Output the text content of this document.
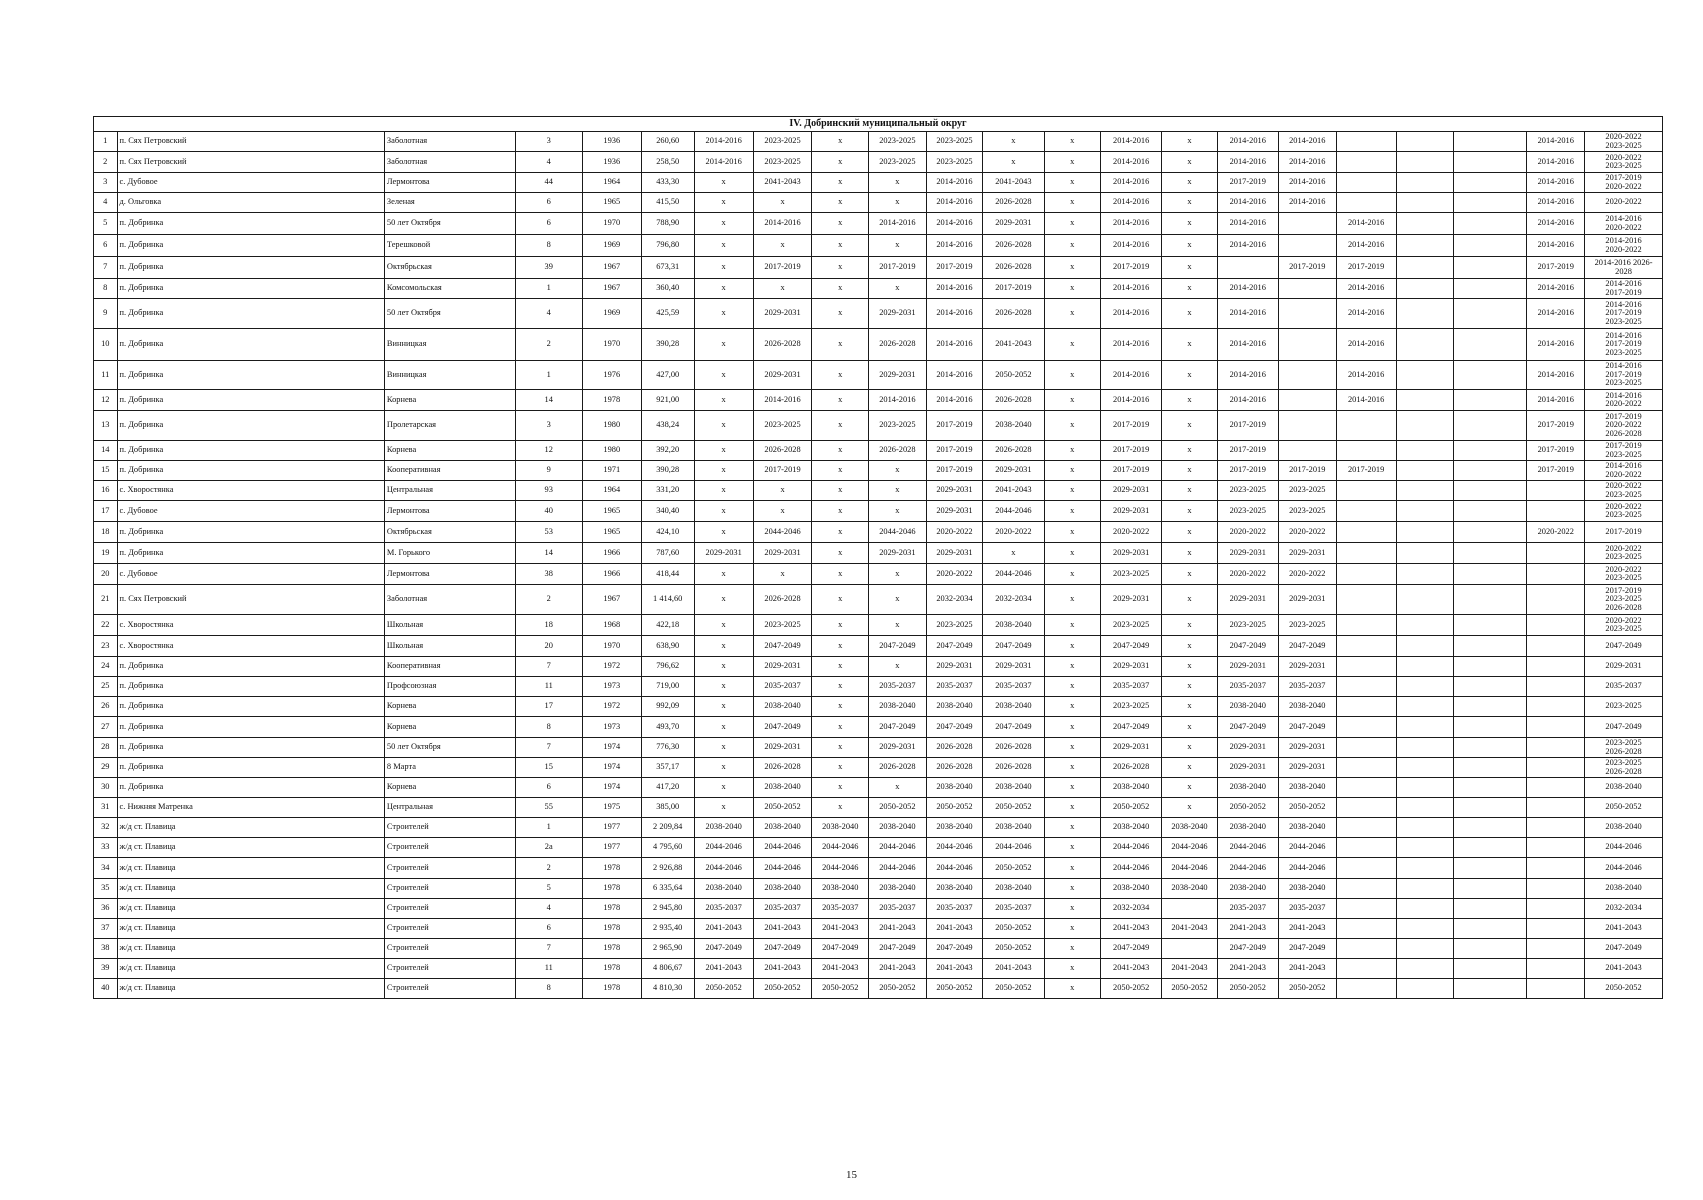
IV. Добринский муниципальный округ																					
1	п. Сях Петровский	Заболотная	3	1936	260,60	2014-2016	2023-2025	x	2023-2025	2023-2025	x	x	2014-2016	x	2014-2016	2014-2016				2014-2016	2020-2022
2023-2025
2	п. Сях Петровский	Заболотная	4	1936	258,50	2014-2016	2023-2025	x	2023-2025	2023-2025	x	x	2014-2016	x	2014-2016	2014-2016				2014-2016	2020-2022
2023-2025
3	с. Дубовое	Лермонтова	44	1964	433,30	x	2041-2043	x	x	2014-2016	2041-2043	x	2014-2016	x	2017-2019	2014-2016				2014-2016	2017-2019
2020-2022
4	д. Ольговка	Зеленая	6	1965	415,50	x	x	x	x	2014-2016	2026-2028	x	2014-2016	x	2014-2016	2014-2016				2014-2016	2020-2022
5	п. Добринка	50 лет Октября	6	1970	788,90	x	2014-2016	x	2014-2016	2014-2016	2029-2031	x	2014-2016	x	2014-2016		2014-2016			2014-2016	2014-2016
2020-2022
6	п. Добринка	Терешковой	8	1969	796,80	x	x	x	x	2014-2016	2026-2028	x	2014-2016	x	2014-2016		2014-2016			2014-2016	2014-2016
2020-2022
7	п. Добринка	Октябрьская	39	1967	673,31	x	2017-2019	x	2017-2019	2017-2019	2026-2028	x	2017-2019	x		2017-2019	2017-2019			2017-2019	2014-2016 2026-
2028
8	п. Добринка	Комсомольская	1	1967	360,40	x	x	x	x	2014-2016	2017-2019	x	2014-2016	x	2014-2016		2014-2016			2014-2016	2014-2016
2017-2019
9	п. Добринка	50 лет Октября	4	1969	425,59	x	2029-2031	x	2029-2031	2014-2016	2026-2028	x	2014-2016	x	2014-2016		2014-2016			2014-2016	2014-2016
2017-2019
2023-2025
10	п. Добринка	Винницкая	2	1970	390,28	x	2026-2028	x	2026-2028	2014-2016	2041-2043	x	2014-2016	x	2014-2016		2014-2016			2014-2016	2014-2016
2017-2019
2023-2025
11	п. Добринка	Винницкая	1	1976	427,00	x	2029-2031	x	2029-2031	2014-2016	2050-2052	x	2014-2016	x	2014-2016		2014-2016			2014-2016	2014-2016
2017-2019
2023-2025
12	п. Добринка	Корнева	14	1978	921,00	x	2014-2016	x	2014-2016	2014-2016	2026-2028	x	2014-2016	x	2014-2016		2014-2016			2014-2016	2014-2016
2020-2022
13	п. Добринка	Пролетарская	3	1980	438,24	x	2023-2025	x	2023-2025	2017-2019	2038-2040	x	2017-2019	x	2017-2019					2017-2019	2017-2019
2020-2022
2026-2028
14	п. Добринка	Корнева	12	1980	392,20	x	2026-2028	x	2026-2028	2017-2019	2026-2028	x	2017-2019	x	2017-2019					2017-2019	2017-2019
2023-2025
15	п. Добринка	Кооперативная	9	1971	390,28	x	2017-2019	x	x	2017-2019	2029-2031	x	2017-2019	x	2017-2019	2017-2019	2017-2019			2017-2019	2014-2016
2020-2022
16	с. Хворостянка	Центральная	93	1964	331,20	x	x	x	x	2029-2031	2041-2043	x	2029-2031	x	2023-2025	2023-2025					2020-2022
2023-2025
17	с. Дубовое	Лермонтова	40	1965	340,40	x	x	x	x	2029-2031	2044-2046	x	2029-2031	x	2023-2025	2023-2025					2020-2022
2023-2025
18	п. Добринка	Октябрьская	53	1965	424,10	x	2044-2046	x	2044-2046	2020-2022	2020-2022	x	2020-2022	x	2020-2022	2020-2022				2020-2022	2017-2019
19	п. Добринка	М. Горького	14	1966	787,60	2029-2031	2029-2031	x	2029-2031	2029-2031	x	x	2029-2031	x	2029-2031	2029-2031					2020-2022
2023-2025
20	с. Дубовое	Лермонтова	38	1966	418,44	x	x	x	x	2020-2022	2044-2046	x	2023-2025	x	2020-2022	2020-2022					2020-2022
2023-2025
21	п. Сях Петровский	Заболотная	2	1967	1 414,60	x	2026-2028	x	x	2032-2034	2032-2034	x	2029-2031	x	2029-2031	2029-2031					2017-2019
2023-2025
2026-2028
22	с. Хворостянка	Школьная	18	1968	422,18	x	2023-2025	x	x	2023-2025	2038-2040	x	2023-2025	x	2023-2025	2023-2025					2020-2022
2023-2025
23	с. Хворостянка	Школьная	20	1970	638,90	x	2047-2049	x	2047-2049	2047-2049	2047-2049	x	2047-2049	x	2047-2049	2047-2049					2047-2049
24	п. Добринка	Кооперативная	7	1972	796,62	x	2029-2031	x	x	2029-2031	2029-2031	x	2029-2031	x	2029-2031	2029-2031					2029-2031
25	п. Добринка	Профсоюзная	11	1973	719,00	x	2035-2037	x	2035-2037	2035-2037	2035-2037	x	2035-2037	x	2035-2037	2035-2037					2035-2037
26	п. Добринка	Корнева	17	1972	992,09	x	2038-2040	x	2038-2040	2038-2040	2038-2040	x	2023-2025	x	2038-2040	2038-2040					2023-2025
27	п. Добринка	Корнева	8	1973	493,70	x	2047-2049	x	2047-2049	2047-2049	2047-2049	x	2047-2049	x	2047-2049	2047-2049					2047-2049
28	п. Добринка	50 лет Октября	7	1974	776,30	x	2029-2031	x	2029-2031	2026-2028	2026-2028	x	2029-2031	x	2029-2031	2029-2031					2023-2025
2026-2028
29	п. Добринка	8 Марта	15	1974	357,17	x	2026-2028	x	2026-2028	2026-2028	2026-2028	x	2026-2028	x	2029-2031	2029-2031					2023-2025
2026-2028
30	п. Добринка	Корнева	6	1974	417,20	x	2038-2040	x	x	2038-2040	2038-2040	x	2038-2040	x	2038-2040	2038-2040					2038-2040
31	с. Нижняя Матренка	Центральная	55	1975	385,00	x	2050-2052	x	2050-2052	2050-2052	2050-2052	x	2050-2052	x	2050-2052	2050-2052					2050-2052
32	ж/д ст. Плавица	Строителей	1	1977	2 209,84	2038-2040	2038-2040	2038-2040	2038-2040	2038-2040	2038-2040	x	2038-2040	2038-2040	2038-2040	2038-2040					2038-2040
33	ж/д ст. Плавица	Строителей	2а	1977	4 795,60	2044-2046	2044-2046	2044-2046	2044-2046	2044-2046	2044-2046	x	2044-2046	2044-2046	2044-2046	2044-2046					2044-2046
34	ж/д ст. Плавица	Строителей	2	1978	2 926,88	2044-2046	2044-2046	2044-2046	2044-2046	2044-2046	2050-2052	x	2044-2046	2044-2046	2044-2046	2044-2046					2044-2046
35	ж/д ст. Плавица	Строителей	5	1978	6 335,64	2038-2040	2038-2040	2038-2040	2038-2040	2038-2040	2038-2040	x	2038-2040	2038-2040	2038-2040	2038-2040					2038-2040
36	ж/д ст. Плавица	Строителей	4	1978	2 945,80	2035-2037	2035-2037	2035-2037	2035-2037	2035-2037	2035-2037	x	2032-2034		2035-2037	2035-2037					2032-2034
37	ж/д ст. Плавица	Строителей	6	1978	2 935,40	2041-2043	2041-2043	2041-2043	2041-2043	2041-2043	2050-2052	x	2041-2043	2041-2043	2041-2043	2041-2043					2041-2043
38	ж/д ст. Плавица	Строителей	7	1978	2 965,90	2047-2049	2047-2049	2047-2049	2047-2049	2047-2049	2050-2052	x	2047-2049		2047-2049	2047-2049					2047-2049
39	ж/д ст. Плавица	Строителей	11	1978	4 806,67	2041-2043	2041-2043	2041-2043	2041-2043	2041-2043	2041-2043	x	2041-2043	2041-2043	2041-2043	2041-2043					2041-2043
40	ж/д ст. Плавица	Строителей	8	1978	4 810,30	2050-2052	2050-2052	2050-2052	2050-2052	2050-2052	2050-2052	x	2050-2052	2050-2052	2050-2052	2050-2052					2050-2052
15
